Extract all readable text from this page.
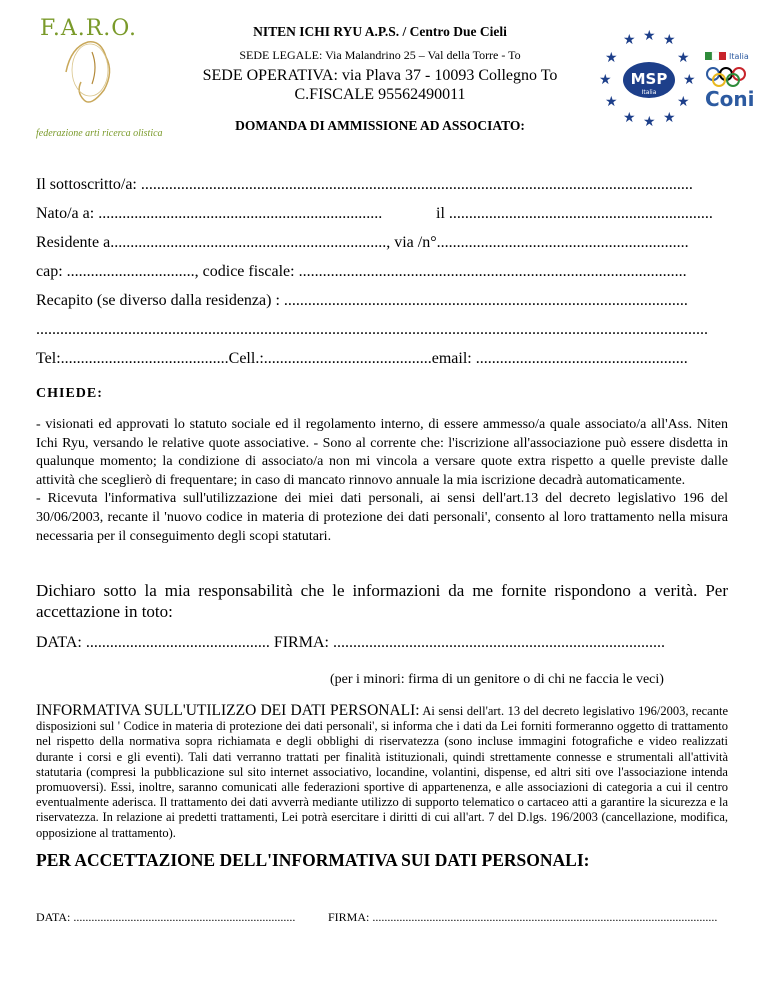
F.A.R.O.
federazione arti ricerca olistica
NITEN ICHI RYU A.P.S. / Centro Due Cieli
SEDE LEGALE: Via Malandrino 25 – Val della Torre - To
SEDE OPERATIVA: via Plava 37 - 10093 Collegno To
C.FISCALE 95562490011
DOMANDA DI AMMISSIONE AD ASSOCIATO:
★ ★ ★
★	★
★	★
★	★
★ ★ ★
MSP
Italia
Italia
Coni
Il sottoscritto/a: ..........................................................................................................................................
Nato/a a: .......................................................................	il ..................................................................
Residente a....................................................................., via /n°...............................................................
cap: ................................, codice fiscale: .................................................................................................
Recapito (se diverso dalla residenza) : .....................................................................................................
........................................................................................................................................................................
Tel:..........................................Cell.:..........................................email: .....................................................
CHIEDE:

- visionati ed approvati lo statuto sociale ed il regolamento interno, di essere ammesso/a quale associato/a all'Ass. Niten Ichi Ryu, versando le relative quote associative. - Sono al corrente che: l'iscrizione all'associazione può essere disdetta in qualunque momento; la condizione di associato/a non mi vincola a versare quote extra rispetto a quelle previste dalle attività che sceglierò di frequentare; in caso di mancato rinnovo annuale la mia iscrizione decadrà automaticamente.

- Ricevuta l'informativa sull'utilizzazione dei miei dati personali, ai sensi dell'art.13 del decreto legislativo 196 del 30/06/2003, recante il 'nuovo codice in materia di protezione dei dati personali', consento al loro trattamento nella misura necessaria per il conseguimento degli scopi statutari.

Dichiaro sotto la mia responsabilità che le informazioni da me fornite rispondono a verità. Per accettazione in toto:
DATA: .............................................. FIRMA: ...................................................................................
(per i minori: firma di un genitore o di chi ne faccia le veci)
INFORMATIVA SULL'UTILIZZO DEI DATI PERSONALI: Ai sensi dell'art. 13 del decreto legislativo 196/2003, recante disposizioni sul ' Codice in materia di protezione dei dati personali', si informa che i dati da Lei forniti formeranno oggetto di trattamento nel rispetto della normativa sopra richiamata e degli obblighi di riservatezza (sono incluse immagini fotografiche e video realizzati durante i corsi e gli eventi). Tali dati verranno trattati per finalità istituzionali, quindi strettamente connesse e strumentali all'attività statutaria (compresi la pubblicazione sul sito internet associativo, locandine, volantini, dispense, ed altri siti ove l'associazione intenda promuoversi). Essi, inoltre, saranno comunicati alle federazioni sportive di appartenenza, e alle associazioni di categoria a cui il centro eventualmente aderisca. Il trattamento dei dati avverrà mediante utilizzo di supporto telematico o cartaceo atti a garantire la sicurezza e la riservatezza. In relazione ai predetti trattamenti, Lei potrà esercitare i diritti di cui all'art. 7 del D.lgs. 196/2003 (cancellazione, modifica, opposizione al trattamento).
PER ACCETTAZIONE DELL'INFORMATIVA SUI DATI PERSONALI:
DATA: ..........................................................................	FIRMA: ...................................................................................................................
